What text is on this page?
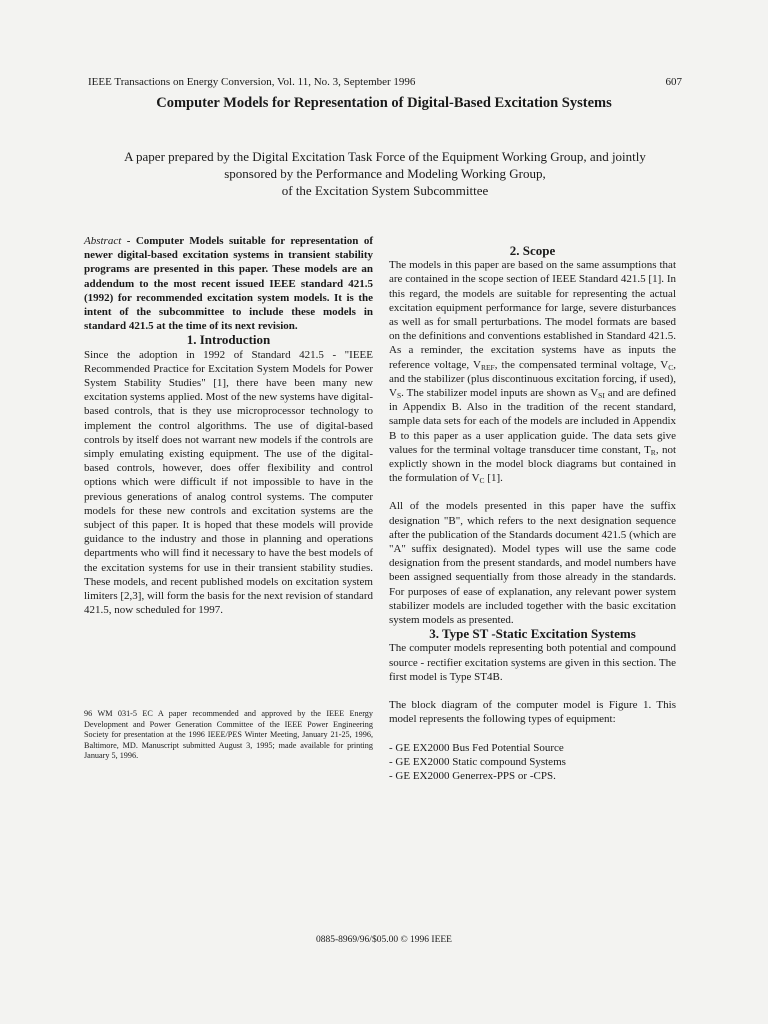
IEEE Transactions on Energy Conversion, Vol. 11, No. 3, September 1996	607
Computer Models for Representation of Digital-Based Excitation Systems
A paper prepared by the Digital Excitation Task Force of the Equipment Working Group, and jointly
sponsored by the Performance and Modeling Working Group,
of the Excitation System Subcommittee

Abstract - Computer Models suitable for representation of newer digital-based excitation systems in transient stability programs are presented in this paper. These models are an addendum to the most recent issued IEEE standard 421.5 (1992) for recommended excitation system models. It is the intent of the subcommittee to include these models in standard 421.5 at the time of its next revision.

1. Introduction

Since the adoption in 1992 of Standard 421.5 - "IEEE Recommended Practice for Excitation System Models for Power System Stability Studies" [1], there have been many new excitation systems applied. Most of the new systems have digital-based controls, that is they use microprocessor technology to implement the control algorithms. The use of digital-based controls by itself does not warrant new models if the controls are simply emulating existing equipment. The use of the digital-based controls, however, does offer flexibility and control options which were difficult if not impossible to have in the previous generations of analog control systems. The computer models for these new controls and excitation systems are the subject of this paper. It is hoped that these models will provide guidance to the industry and those in planning and operations departments who will find it necessary to have the best models of the excitation systems for use in their transient stability studies. These models, and recent published models on excitation system limiters [2,3], will form the basis for the next revision of standard 421.5, now scheduled for 1997.

96 WM 031-5 EC A paper recommended and approved by the IEEE Energy Development and Power Generation Committee of the IEEE Power Engineering Society for presentation at the 1996 IEEE/PES Winter Meeting, January 21-25, 1996, Baltimore, MD. Manuscript submitted August 3, 1995; made available for printing January 5, 1996.

2. Scope

The models in this paper are based on the same assumptions that are contained in the scope section of IEEE Standard 421.5 [1]. In this regard, the models are suitable for representing the actual excitation equipment performance for large, severe disturbances as well as for small perturbations. The model formats are based on the definitions and conventions established in Standard 421.5. As a reminder, the excitation systems have as inputs the reference voltage, $V_{REF}$, the compensated terminal voltage, $V_C$, and the stabilizer (plus discontinuous excitation forcing, if used), $V_S$. The stabilizer model inputs are shown as $V_{SI}$ and are defined in Appendix B. Also in the tradition of the recent standard, sample data sets for each of the models are included in Appendix B to this paper as a user application guide. The data sets give values for the terminal voltage transducer time constant, $T_R$, not explictly shown in the model block diagrams but contained in the formulation of $V_C$ [1].

All of the models presented in this paper have the suffix designation "B", which refers to the next designation sequence after the publication of the Standards document 421.5 (which are "A" suffix designated). Model types will use the same code designation from the present standards, and model numbers have been assigned sequentially from those already in the standards. For purposes of ease of explanation, any relevant power system stabilizer models are included together with the basic excitation system models as presented.

3. Type ST -Static Excitation Systems

The computer models representing both potential and compound source - rectifier excitation systems are given in this section. The first model is Type ST4B.

The block diagram of the computer model is Figure 1. This model represents the following types of equipment:

- GE EX2000 Bus Fed Potential Source
- GE EX2000 Static compound Systems
- GE EX2000 Generrex-PPS or -CPS.
0885-8969/96/$05.00 © 1996 IEEE
